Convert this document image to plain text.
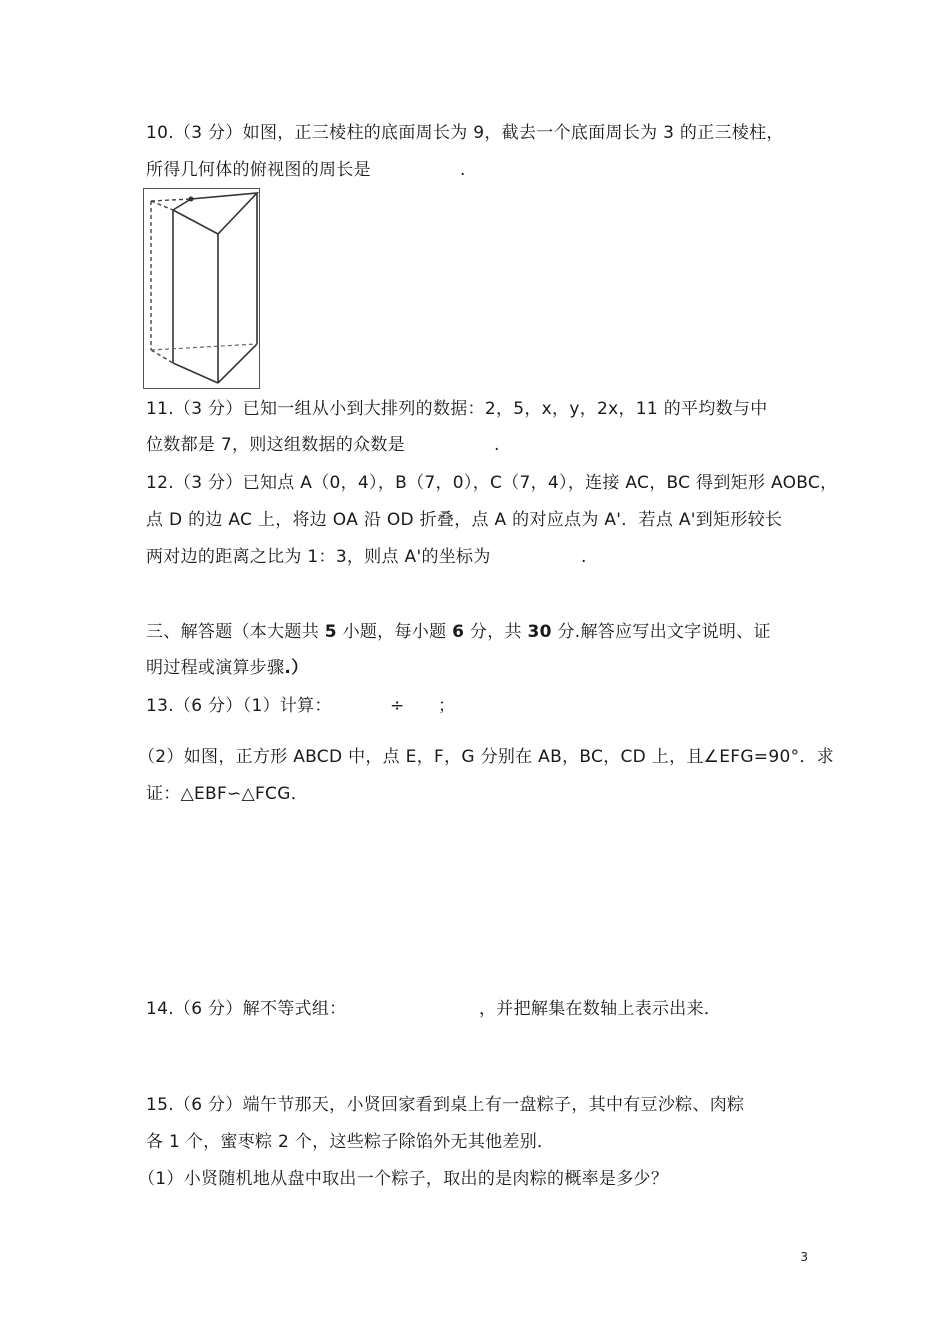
10.（3 分）如图，正三棱柱的底面周长为 9，截去一个底面周长为 3 的正三棱柱，
所得几何体的俯视图的周长是	.
11.（3 分）已知一组从小到大排列的数据：2，5，x，y，2x，11 的平均数与中
位数都是 7，则这组数据的众数是	.
12.（3 分）已知点 A（0，4），B（7，0），C（7，4），连接 AC，BC 得到矩形 AOBC，
点 D 的边 AC 上，将边 OA 沿 OD 折叠，点 A 的对应点为 A'．若点 A'到矩形较长
两对边的距离之比为 1：3，则点 A'的坐标为	.
三、解答题（本大题共 5 小题，每小题 6 分，共 30 分.解答应写出文字说明、证
明过程或演算步骤.）
13.（6 分）（1）计算：	÷ ；
（2）如图，正方形 ABCD 中，点 E，F，G 分别在 AB，BC，CD 上，且∠EFG=90°．求
证：△EBF∽△FCG．
14.（6 分）解不等式组：	，并把解集在数轴上表示出来．
15.（6 分）端午节那天，小贤回家看到桌上有一盘粽子，其中有豆沙粽、肉粽
各 1 个，蜜枣粽 2 个，这些粽子除馅外无其他差别．
（1）小贤随机地从盘中取出一个粽子，取出的是肉粽的概率是多少？
3
